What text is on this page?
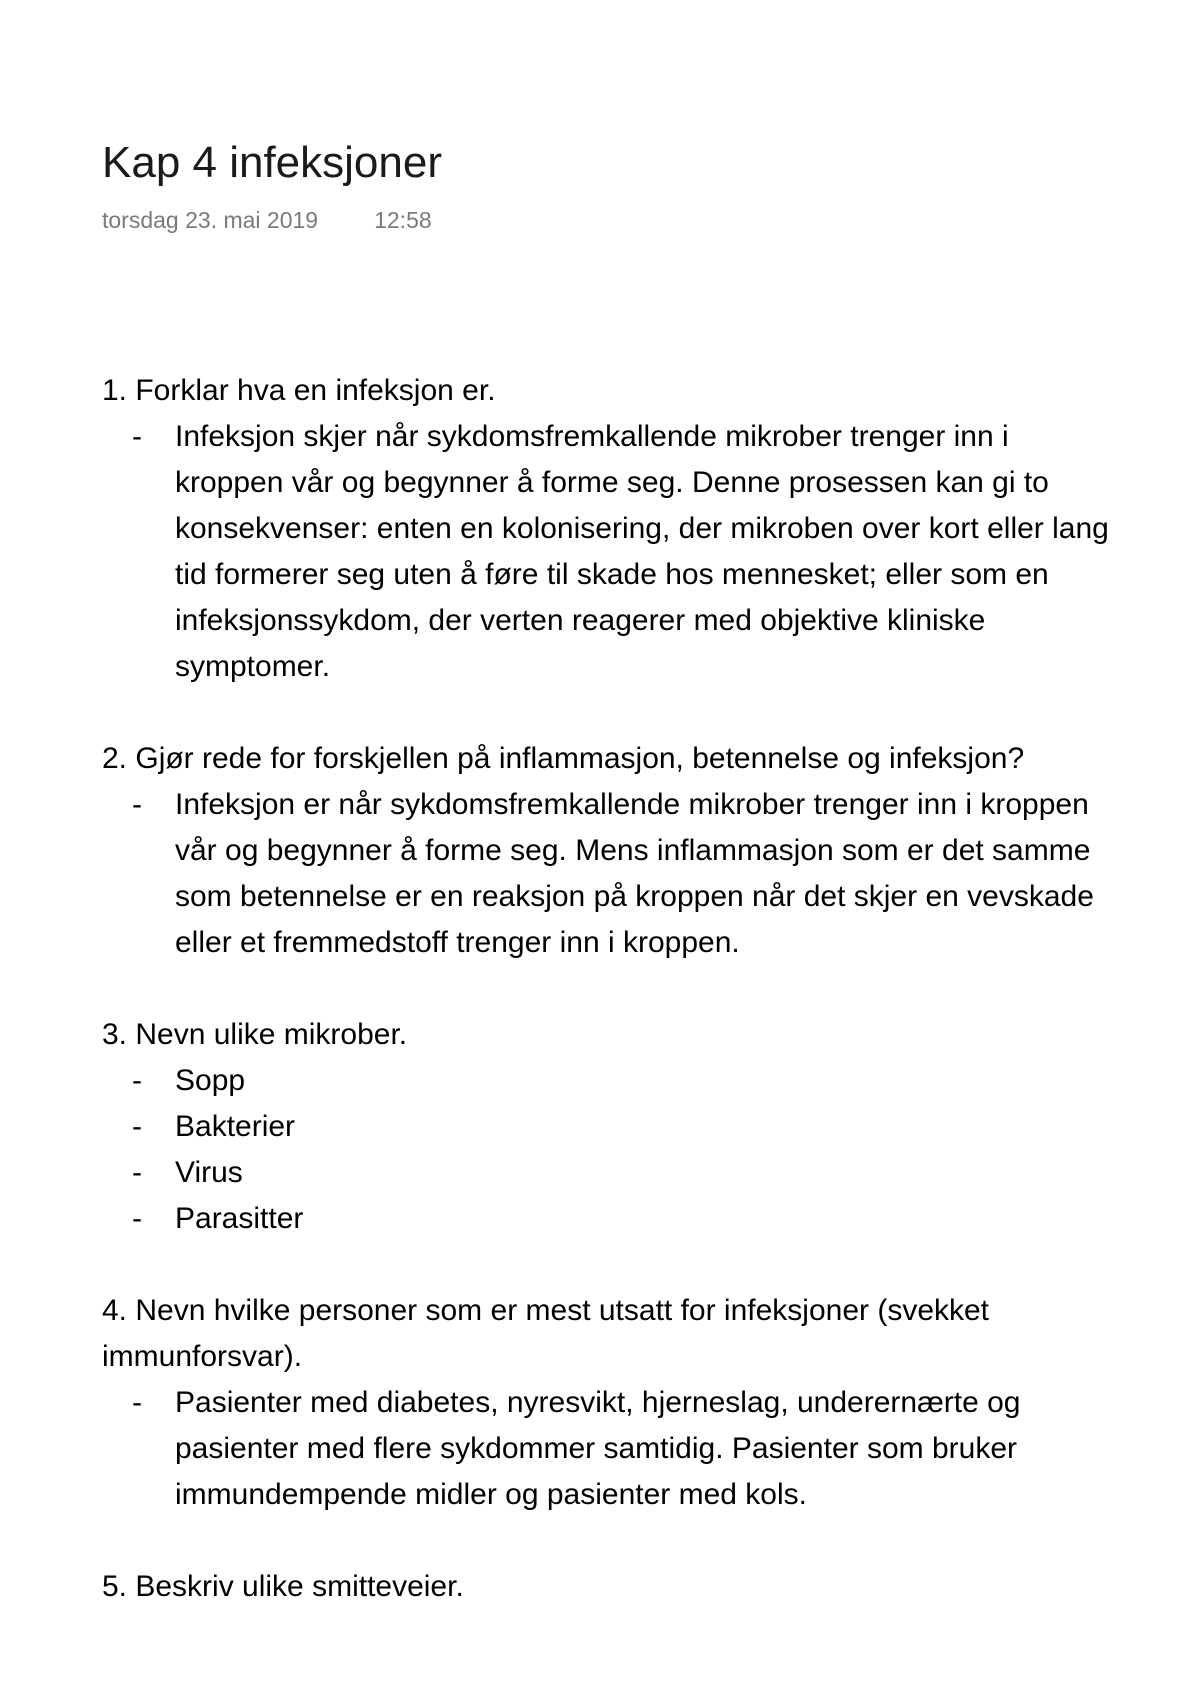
Kap 4 infeksjoner
torsdag 23. mai 2019 12:58
1. Forklar hva en infeksjon er.
- Infeksjon skjer når sykdomsfremkallende mikrober trenger inn i
kroppen vår og begynner å forme seg. Denne prosessen kan gi to
konsekvenser: enten en kolonisering, der mikroben over kort eller lang
tid formerer seg uten å føre til skade hos mennesket; eller som en
infeksjonssykdom, der verten reagerer med objektive kliniske
symptomer.
2. Gjør rede for forskjellen på inflammasjon, betennelse og infeksjon?
- Infeksjon er når sykdomsfremkallende mikrober trenger inn i kroppen
vår og begynner å forme seg. Mens inflammasjon som er det samme
som betennelse er en reaksjon på kroppen når det skjer en vevskade
eller et fremmedstoff trenger inn i kroppen.
3. Nevn ulike mikrober.
- Sopp
- Bakterier
- Virus
- Parasitter
4. Nevn hvilke personer som er mest utsatt for infeksjoner (svekket immunforsvar).
- Pasienter med diabetes, nyresvikt, hjerneslag, underernærte og
pasienter med flere sykdommer samtidig. Pasienter som bruker
immundempende midler og pasienter med kols.
5. Beskriv ulike smitteveier.
